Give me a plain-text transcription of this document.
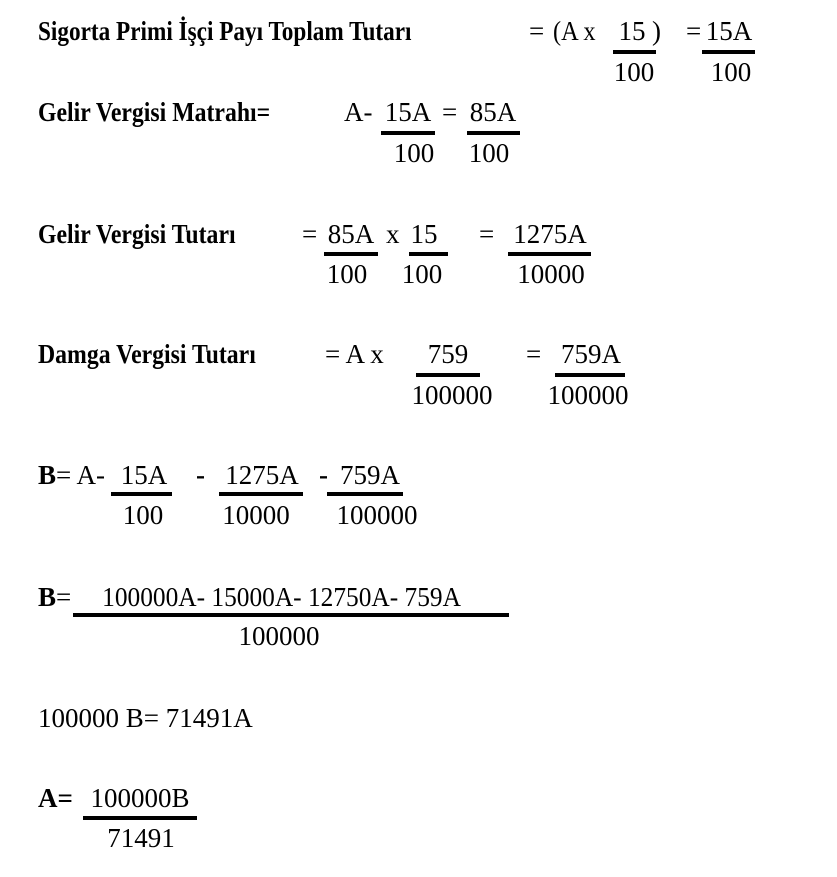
Sigorta Primi İşçi Payı Toplam Tutarı	= (A x 15 )
100
= 15A
100
Gelir Vergisi Matrahı=	A- 15A
100
= 85A
100
Gelir Vergisi Tutarı = 85A
100
x 15
100
= 1275A
10000
Damga Vergisi Tutarı	= A x 759
100000
= 759A
100000
B = A- 15A
100
- 1275A
10000
- 759A
100000
B = 100000A- 15000A- 12750A- 759A
100000
100000 B= 71491A
A= 100000B
71491
